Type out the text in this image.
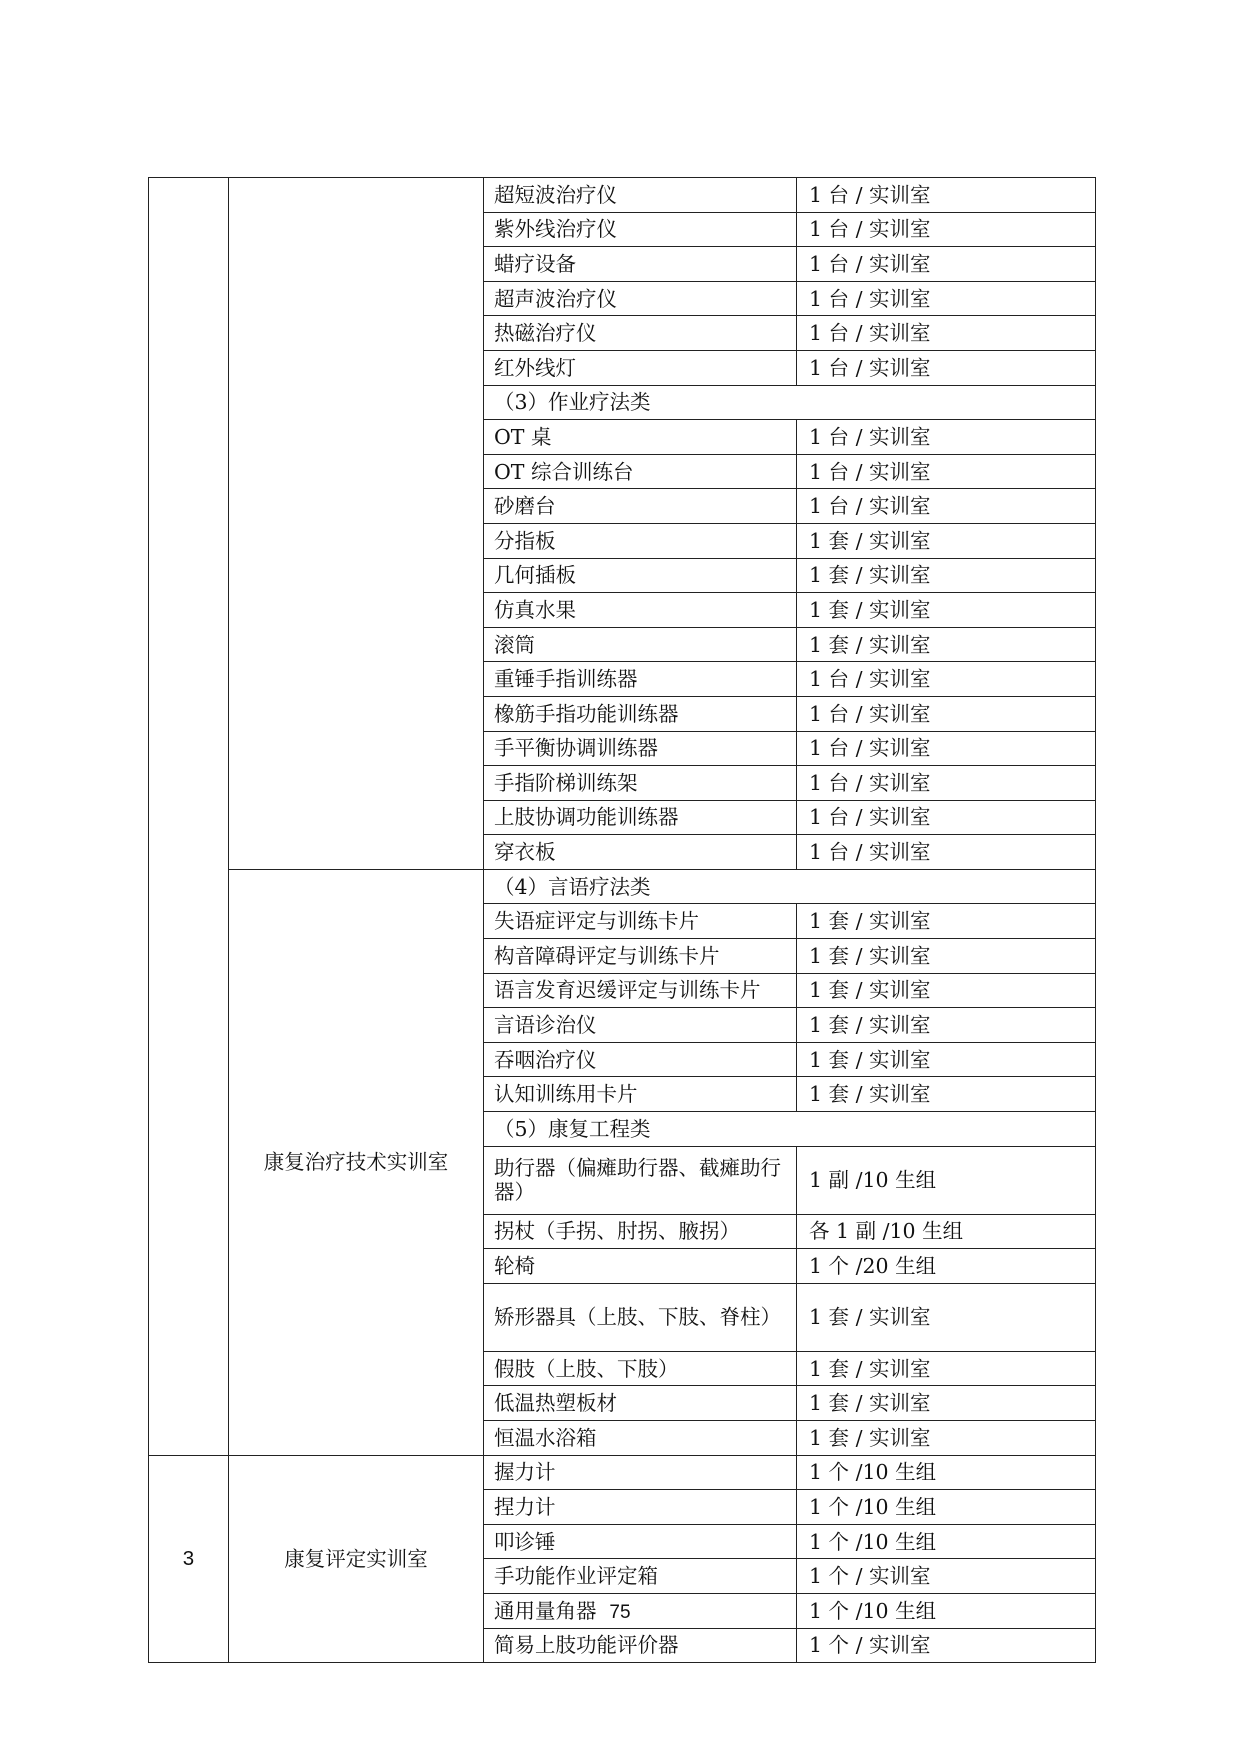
		超短波治疗仪	1 台 / 实训室
		紫外线治疗仪	1 台 / 实训室
		蜡疗设备	1 台 / 实训室
		超声波治疗仪	1 台 / 实训室
		热磁治疗仪	1 台 / 实训室
		红外线灯	1 台 / 实训室
		（3）作业疗法类	
		OT 桌	1 台 / 实训室
		OT 综合训练台	1 台 / 实训室
		砂磨台	1 台 / 实训室
		分指板	1 套 / 实训室
		几何插板	1 套 / 实训室
		仿真水果	1 套 / 实训室
		滚筒	1 套 / 实训室
		重锤手指训练器	1 台 / 实训室
		橡筋手指功能训练器	1 台 / 实训室
		手平衡协调训练器	1 台 / 实训室
		手指阶梯训练架	1 台 / 实训室
		上肢协调功能训练器	1 台 / 实训室
		穿衣板	1 台 / 实训室
	康复治疗技术实训室	（4）言语疗法类	
		失语症评定与训练卡片	1 套 / 实训室
		构音障碍评定与训练卡片	1 套 / 实训室
		语言发育迟缓评定与训练卡片	1 套 / 实训室
		言语诊治仪	1 套 / 实训室
		吞咽治疗仪	1 套 / 实训室
		认知训练用卡片	1 套 / 实训室
		（5）康复工程类	
		助行器（偏瘫助行器、截瘫助行器）	1 副 /10 生组
		拐杖（手拐、肘拐、腋拐）	各 1 副 /10 生组
		轮椅	1 个 /20 生组
		矫形器具（上肢、下肢、脊柱）	1 套 / 实训室
		假肢（上肢、下肢）	1 套 / 实训室
		低温热塑板材	1 套 / 实训室
		恒温水浴箱	1 套 / 实训室
3	康复评定实训室	握力计	1 个 /10 生组
		捏力计	1 个 /10 生组
		叩诊锤	1 个 /10 生组
		手功能作业评定箱	1 个 / 实训室
		通用量角器	1 个 /10 生组
		简易上肢功能评价器	1 个 / 实训室
75
